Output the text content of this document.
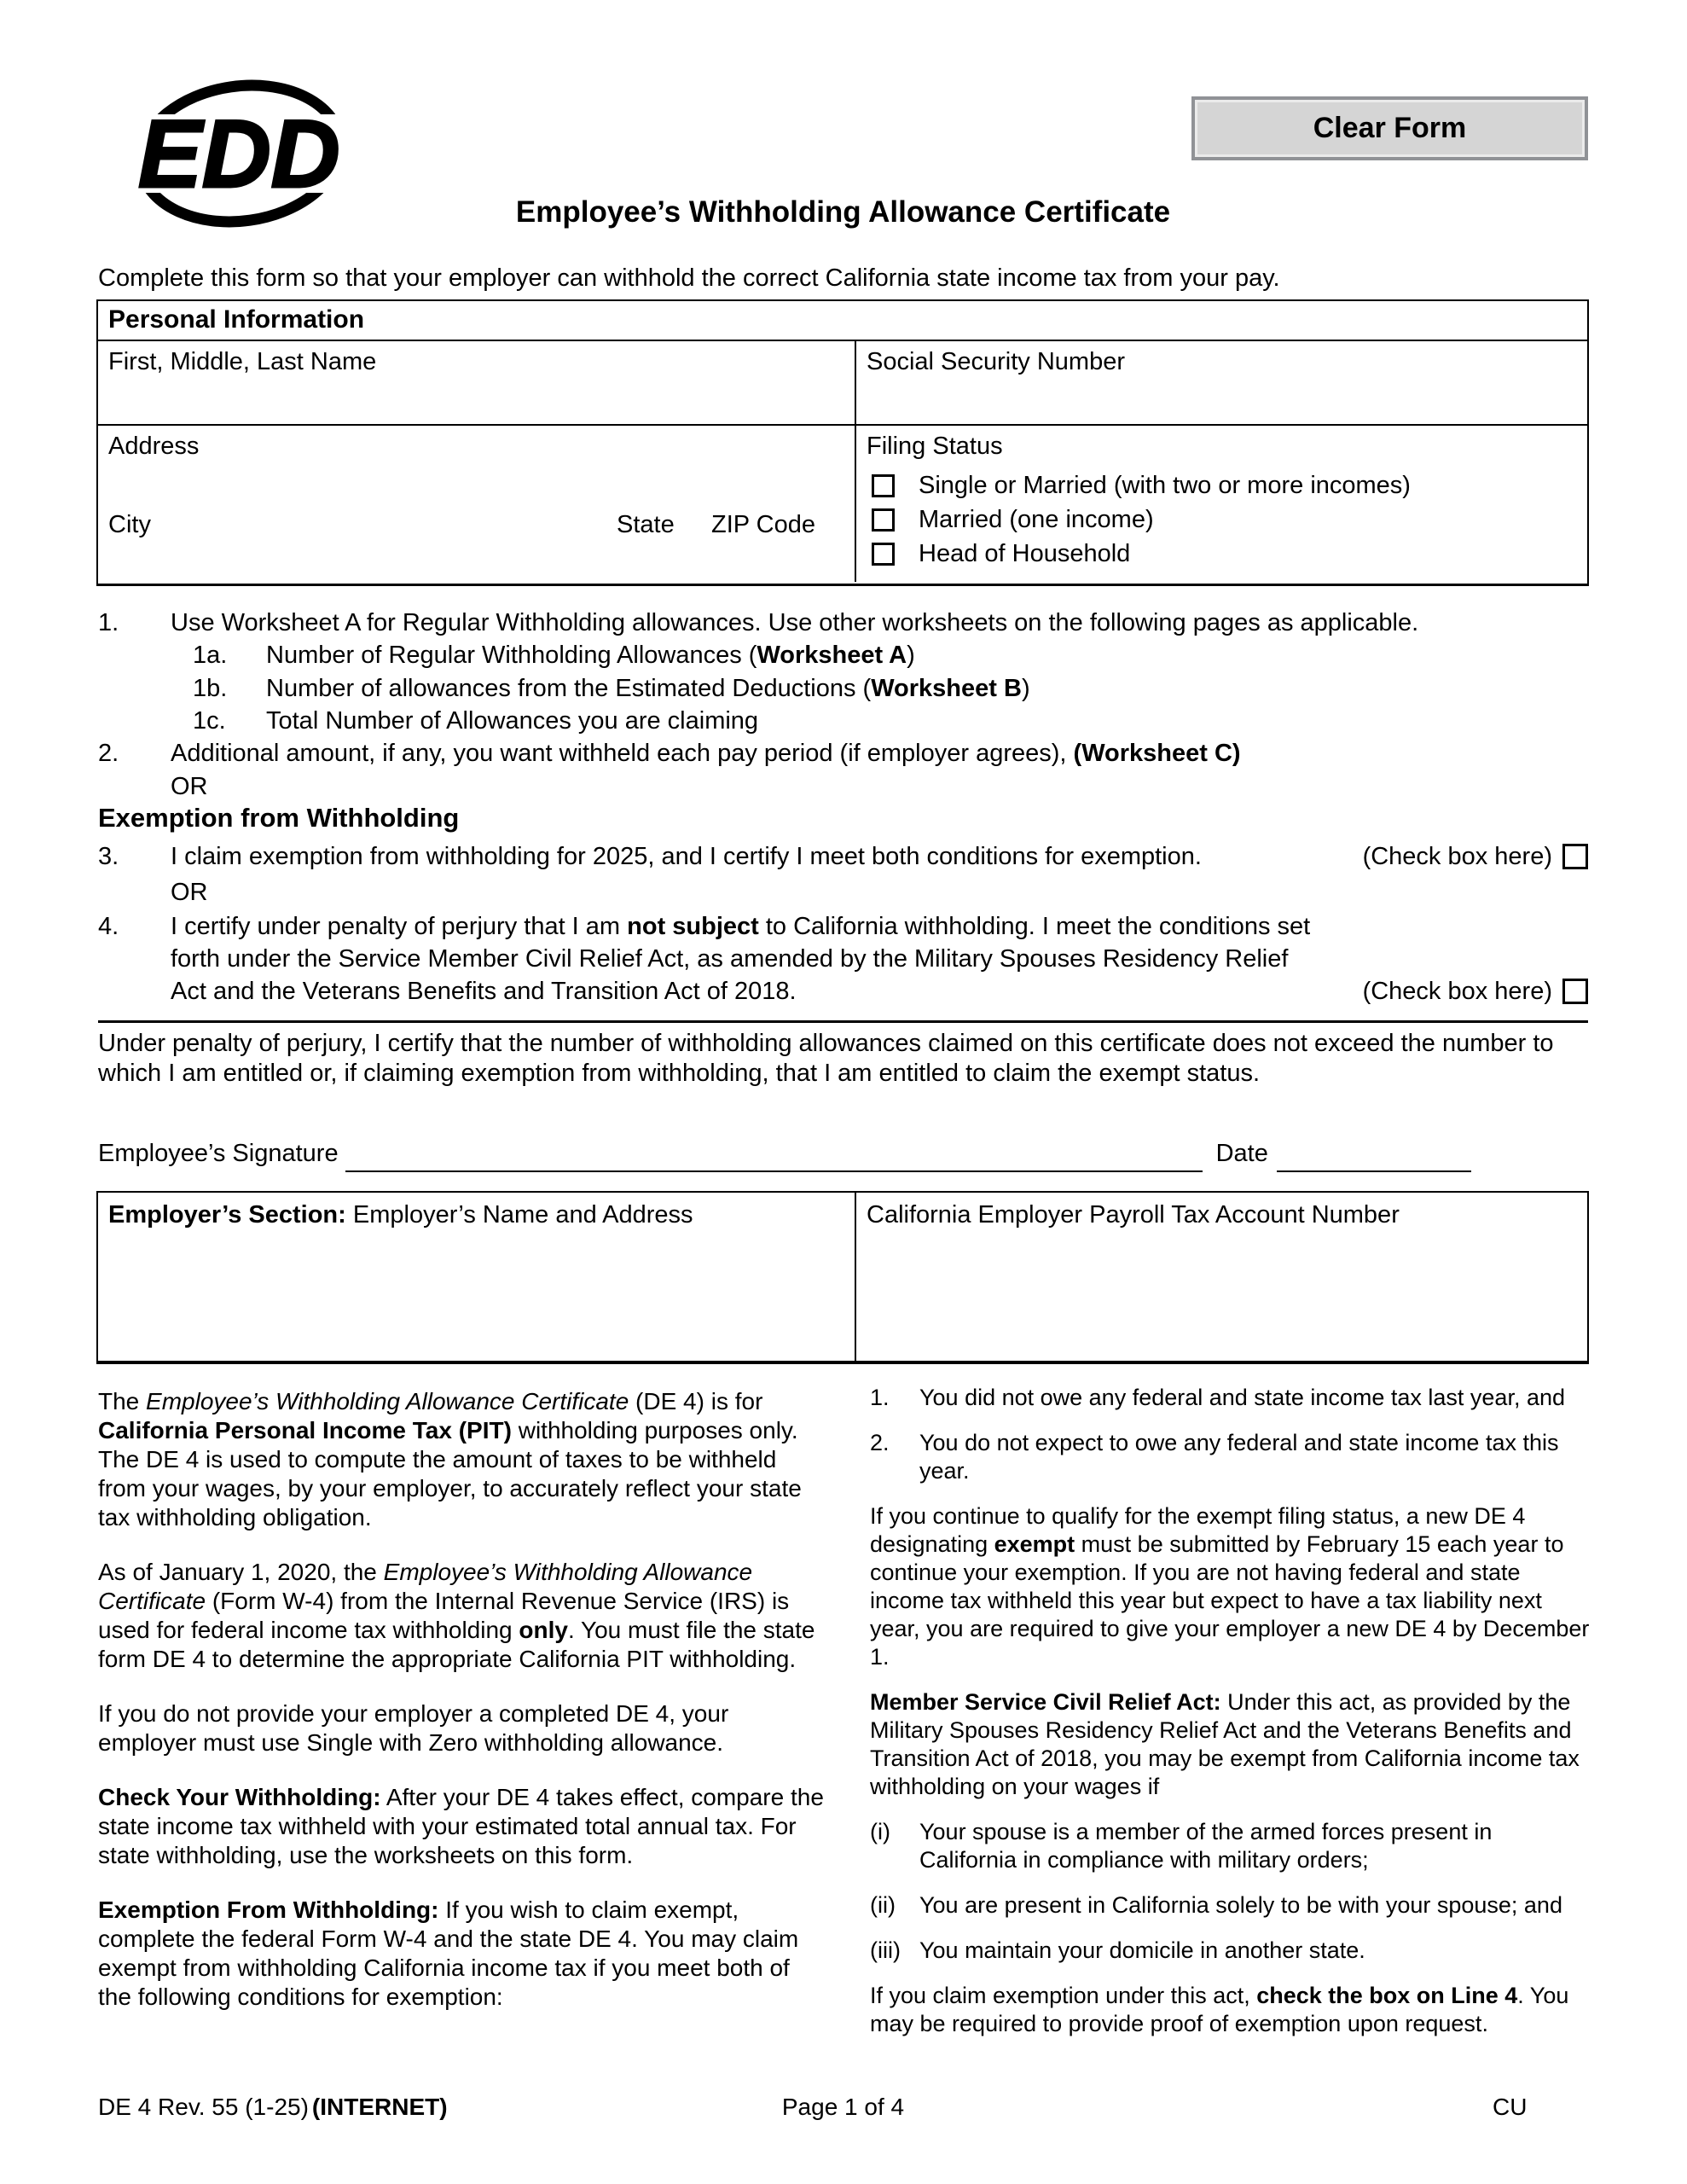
EDD	Clear Form
Employee’s Withholding Allowance Certificate
Complete this form so that your employer can withhold the correct California state income tax from your pay.
Personal Information
First, Middle, Last Name	Social Security Number
Address
City	State ZIP Code
Filing Status
Single or Married (with two or more incomes)
Married (one income)
Head of Household
1.	Use Worksheet A for Regular Withholding allowances. Use other worksheets on the following pages as applicable.
1a.	Number of Regular Withholding Allowances (Worksheet A)
1b.	Number of allowances from the Estimated Deductions (Worksheet B)
1c.	Total Number of Allowances you are claiming
2.	Additional amount, if any, you want withheld each pay period (if employer agrees), (Worksheet C)
OR
Exemption from Withholding
3.	I claim exemption from withholding for 2025, and I certify I meet both conditions for exemption.	(Check box here)
OR
4.	I certify under penalty of perjury that I am not subject to California withholding. I meet the conditions set forth under the Service Member Civil Relief Act, as amended by the Military Spouses Residency Relief Act and the Veterans Benefits and Transition Act of 2018.	(Check box here)
Under penalty of perjury, I certify that the number of withholding allowances claimed on this certificate does not exceed the number to which I am entitled or, if claiming exemption from withholding, that I am entitled to claim the exempt status.
Employee’s Signature	Date
Employer’s Section: Employer’s Name and Address	California Employer Payroll Tax Account Number
The Employee’s Withholding Allowance Certificate (DE 4) is for California Personal Income Tax (PIT) withholding purposes only. The DE 4 is used to compute the amount of taxes to be withheld from your wages, by your employer, to accurately reflect your state tax withholding obligation.
As of January 1, 2020, the Employee’s Withholding Allowance Certificate (Form W-4) from the Internal Revenue Service (IRS) is used for federal income tax withholding only. You must file the state form DE 4 to determine the appropriate California PIT withholding.
If you do not provide your employer a completed DE 4, your employer must use Single with Zero withholding allowance.
Check Your Withholding: After your DE 4 takes effect, compare the state income tax withheld with your estimated total annual tax. For state withholding, use the worksheets on this form.
Exemption From Withholding: If you wish to claim exempt, complete the federal Form W-4 and the state DE 4. You may claim exempt from withholding California income tax if you meet both of the following conditions for exemption:
1.	You did not owe any federal and state income tax last year, and
2.	You do not expect to owe any federal and state income tax this year.
If you continue to qualify for the exempt filing status, a new DE 4 designating exempt must be submitted by February 15 each year to continue your exemption. If you are not having federal and state income tax withheld this year but expect to have a tax liability next year, you are required to give your employer a new DE 4 by December 1.
Member Service Civil Relief Act: Under this act, as provided by the Military Spouses Residency Relief Act and the Veterans Benefits and Transition Act of 2018, you may be exempt from California income tax withholding on your wages if
(i)	Your spouse is a member of the armed forces present in California in compliance with military orders;
(ii)	You are present in California solely to be with your spouse; and
(iii) You maintain your domicile in another state.
If you claim exemption under this act, check the box on Line 4. You may be required to provide proof of exemption upon request.
Page 1 of 4
DE 4 Rev. 55 (1-25) (INTERNET)	CU
